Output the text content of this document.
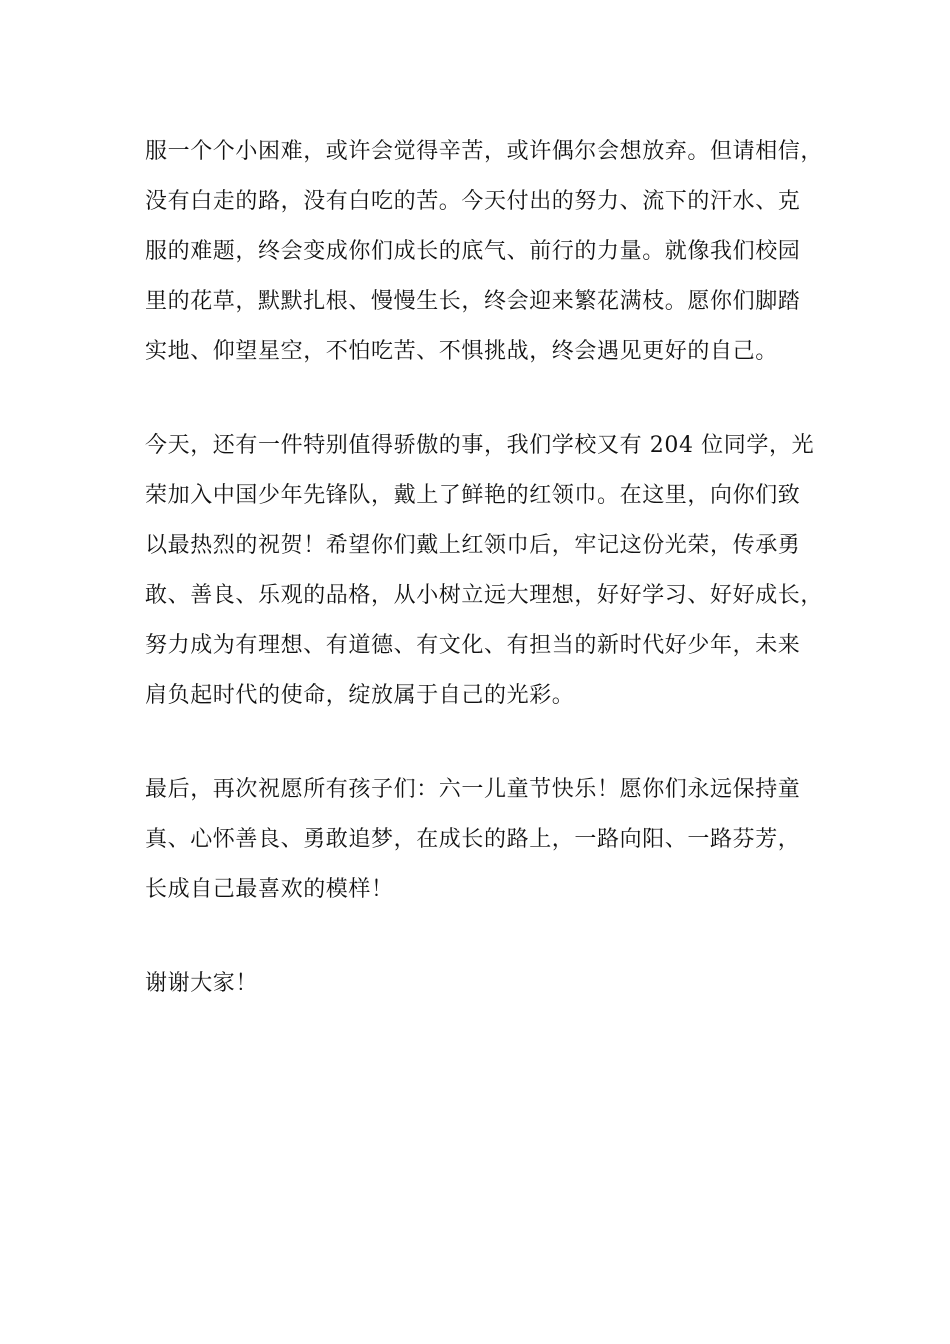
服一个个小困难，或许会觉得辛苦，或许偶尔会想放弃。但请相信，
没有白走的路，没有白吃的苦。今天付出的努力、流下的汗水、克
服的难题，终会变成你们成长的底气、前行的力量。就像我们校园
里的花草，默默扎根、慢慢生长，终会迎来繁花满枝。愿你们脚踏
实地、仰望星空，不怕吃苦、不惧挑战，终会遇见更好的自己。
今天，还有一件特别值得骄傲的事，我们学校又有 204 位同学，光
荣加入中国少年先锋队，戴上了鲜艳的红领巾。在这里，向你们致
以最热烈的祝贺！希望你们戴上红领巾后，牢记这份光荣，传承勇
敢、善良、乐观的品格，从小树立远大理想，好好学习、好好成长，
努力成为有理想、有道德、有文化、有担当的新时代好少年，未来
肩负起时代的使命，绽放属于自己的光彩。
最后，再次祝愿所有孩子们：六一儿童节快乐！愿你们永远保持童
真、心怀善良、勇敢追梦，在成长的路上，一路向阳、一路芬芳，
长成自己最喜欢的模样！
谢谢大家！
